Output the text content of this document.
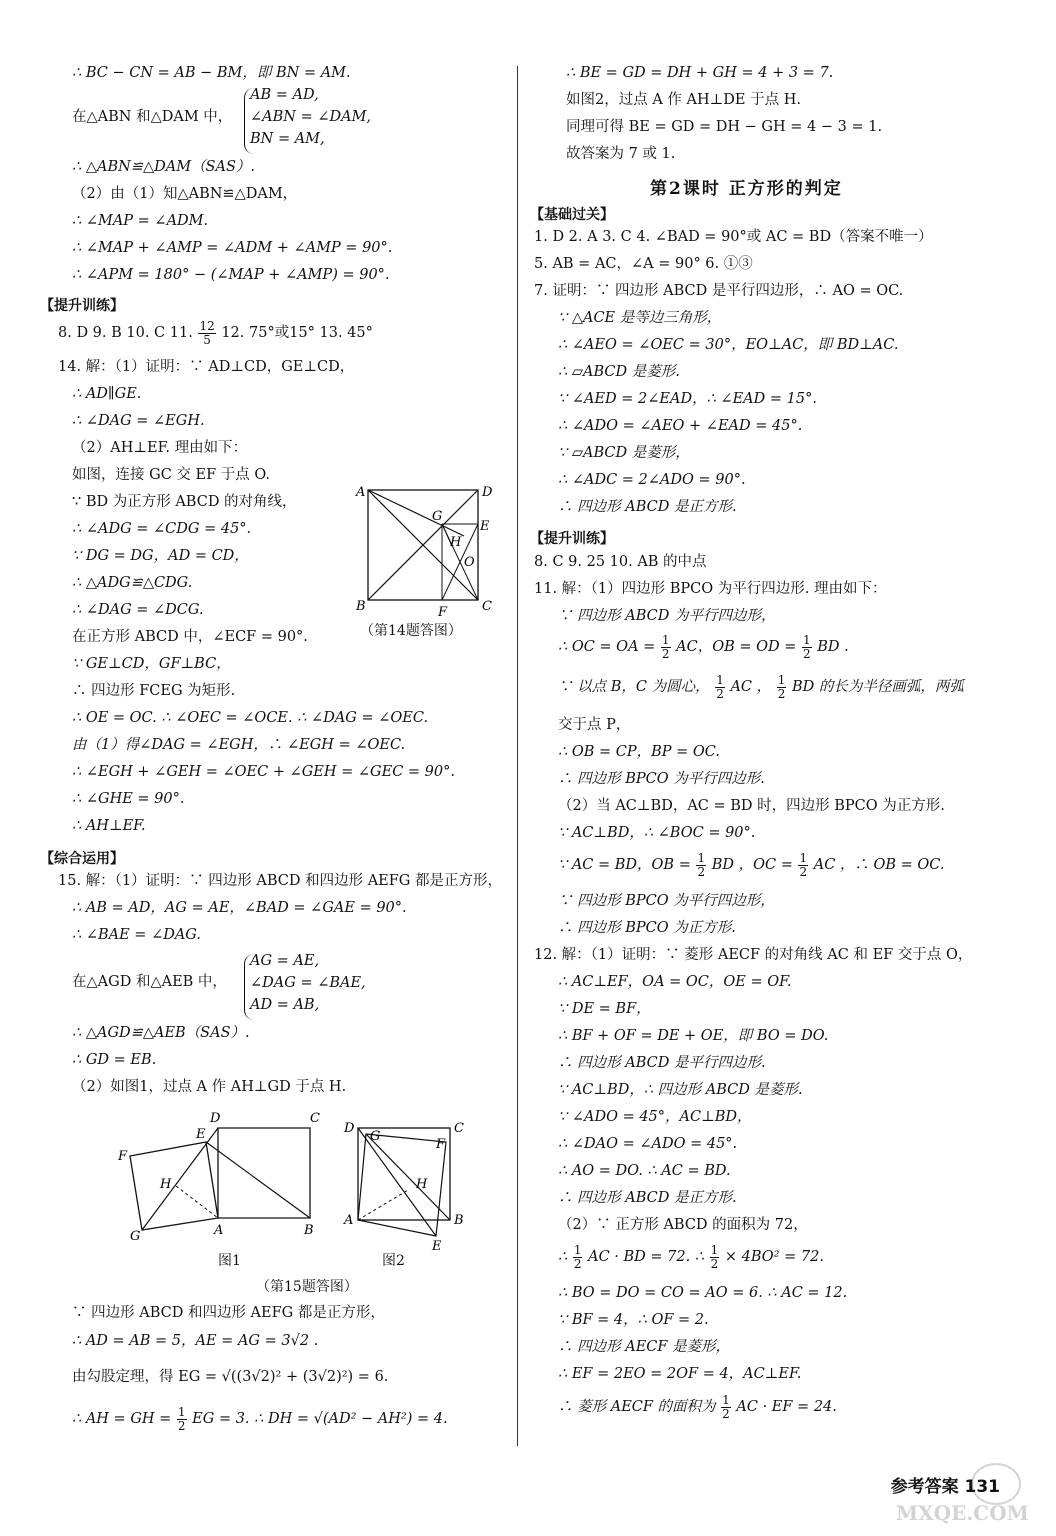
∴ BC − CN = AB − BM，即 BN = AM.
在△ABN 和△DAM 中，
AB = AD,
∠ABN = ∠DAM,
BN = AM,
∴ △ABN≌△DAM（SAS）.
（2）由（1）知△ABN≌△DAM，
∴ ∠MAP = ∠ADM.
∴ ∠MAP + ∠AMP = ∠ADM + ∠AMP = 90°.
∴ ∠APM = 180° − (∠MAP + ∠AMP) = 90°.
【提升训练】
8. D 9. B 10. C 11. $\frac{12}{5} 12$. 75°或15° 13. 45°
14. 解：（1）证明：∵ AD⊥CD，GE⊥CD，
∴ AD∥GE.
∴ ∠DAG = ∠EGH.
（2）AH⊥EF. 理由如下：
如图，连接 GC 交 EF 于点 O.
∵ BD 为正方形 ABCD 的对角线，
∴ ∠ADG = ∠CDG = 45°.
∵ DG = DG，AD = CD，
∴ △ADG≌△CDG.
∴ ∠DAG = ∠DCG.
在正方形 ABCD 中，∠ECF = 90°.
∵ GE⊥CD，GF⊥BC，
∴ 四边形 FCEG 为矩形.
∴ OE = OC. ∴ ∠OEC = ∠OCE. ∴ ∠DAG = ∠OEC.
由（1）得∠DAG = ∠EGH，∴ ∠EGH = ∠OEC.
∴ ∠EGH + ∠GEH = ∠OEC + ∠GEH = ∠GEC = 90°.
∴ ∠GHE = 90°.
∴ AH⊥EF.
A	D
E
G
H
O
B	F	C
（第14题答图）
【综合运用】
15. 解：（1）证明：∵ 四边形 ABCD 和四边形 AEFG 都是正方形，
∴ AB = AD，AG = AE，∠BAD = ∠GAE = 90°.
∴ ∠BAE = ∠DAG.
在△AGD 和△AEB 中，
AG = AE,
∠DAG = ∠BAE,
AD = AB,
∴ △AGD≌△AEB（SAS）.
∴ GD = EB.
（2）如图1，过点 A 作 AH⊥GD 于点 H.
D	C
E
F
H
G	A	B
图1
D
G
C
F
H
A	B
E
图2
（第15题答图）
∵ 四边形 ABCD 和四边形 AEFG 都是正方形，
∴ AD = AB = 5，AE = AG = 3√2 .
由勾股定理，得 EG = √((3√2)² + (3√2)²) = 6.
∴ AH = GH = $\frac{1}{2}$ EG = 3. ∴ DH = √(AD² − AH²) = 4.
∴ BE = GD = DH + GH = 4 + 3 = 7.
如图2，过点 A 作 AH⊥DE 于点 H.
同理可得 BE = GD = DH − GH = 4 − 3 = 1.
故答案为 7 或 1.
第2课时 正方形的判定
【基础过关】
1. D 2. A 3. C 4. ∠BAD = 90°或 AC = BD（答案不唯一）
5. AB = AC，∠A = 90° 6. ①③
7. 证明：∵ 四边形 ABCD 是平行四边形，∴ AO = OC.
∵ △ACE 是等边三角形，
∴ ∠AEO = ∠OEC = 30°，EO⊥AC，即 BD⊥AC.
∴ ▱ABCD 是菱形.
∵ ∠AED = 2∠EAD，∴ ∠EAD = 15°.
∴ ∠ADO = ∠AEO + ∠EAD = 45°.
∵ ▱ABCD 是菱形，
∴ ∠ADC = 2∠ADO = 90°.
∴ 四边形 ABCD 是正方形.
【提升训练】
8. C 9. 25 10. AB 的中点
11. 解：（1）四边形 BPCO 为平行四边形. 理由如下：
∵ 四边形 ABCD 为平行四边形，
∴ OC = OA = $\frac{1}{2}$ AC，OB = OD = $\frac{1}{2}$ BD .
∵ 以点 B，C 为圆心， $\frac{1}{2}$ AC ， $\frac{1}{2}$ BD 的长为半径画弧，两弧
交于点 P，
∴ OB = CP，BP = OC.
∴ 四边形 BPCO 为平行四边形.
（2）当 AC⊥BD，AC = BD 时，四边形 BPCO 为正方形.
∵ AC⊥BD，∴ ∠BOC = 90°.
∵ AC = BD，OB = $\frac{1}{2}$ BD ，OC = $\frac{1}{2}$ AC ，∴ OB = OC.
∵ 四边形 BPCO 为平行四边形，
∴ 四边形 BPCO 为正方形.
12. 解：（1）证明：∵ 菱形 AECF 的对角线 AC 和 EF 交于点 O，
∴ AC⊥EF，OA = OC，OE = OF.
∵ DE = BF，
∴ BF + OF = DE + OE，即 BO = DO.
∴ 四边形 ABCD 是平行四边形.
∵ AC⊥BD，∴ 四边形 ABCD 是菱形.
∵ ∠ADO = 45°，AC⊥BD，
∴ ∠DAO = ∠ADO = 45°.
∴ AO = DO. ∴ AC = BD.
∴ 四边形 ABCD 是正方形.
（2）∵ 正方形 ABCD 的面积为 72，
∴ $\frac{1}{2}$ AC · BD = 72. ∴ $\frac{1}{2} \times 4BO^2 = 72$.
∴ BO = DO = CO = AO = 6. ∴ AC = 12.
∵ BF = 4，∴ OF = 2.
∴ 四边形 AECF 是菱形，
∴ EF = 2EO = 2OF = 4，AC⊥EF.
∴ 菱形 AECF 的面积为 $\frac{1}{2}$ AC · EF = 24.
参考答案 131
MXQE.COM
